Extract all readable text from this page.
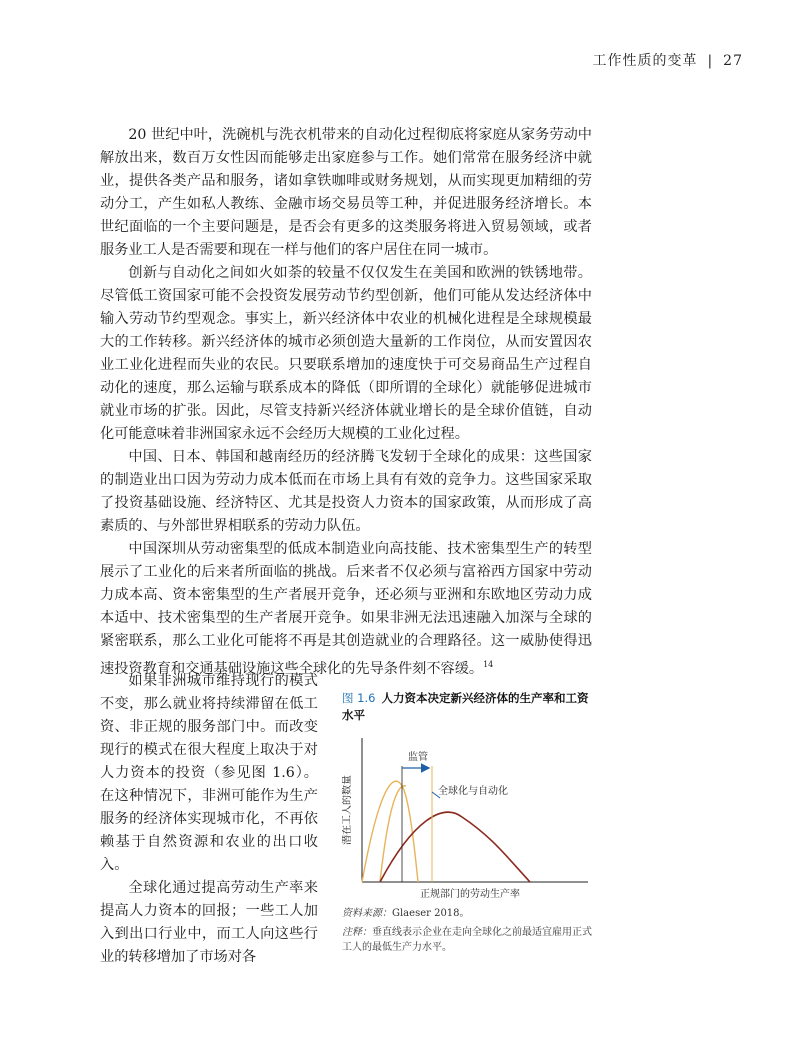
工作性质的变革 | 27

20 世纪中叶，洗碗机与洗衣机带来的自动化过程彻底将家庭从家务劳动中解放出来，数百万女性因而能够走出家庭参与工作。她们常常在服务经济中就业，提供各类产品和服务，诸如拿铁咖啡或财务规划，从而实现更加精细的劳动分工，产生如私人教练、金融市场交易员等工种，并促进服务经济增长。本世纪面临的一个主要问题是，是否会有更多的这类服务将进入贸易领域，或者服务业工人是否需要和现在一样与他们的客户居住在同一城市。

创新与自动化之间如火如荼的较量不仅仅发生在美国和欧洲的铁锈地带。尽管低工资国家可能不会投资发展劳动节约型创新，他们可能从发达经济体中输入劳动节约型观念。事实上，新兴经济体中农业的机械化进程是全球规模最大的工作转移。新兴经济体的城市必须创造大量新的工作岗位，从而安置因农业工业化进程而失业的农民。只要联系增加的速度快于可交易商品生产过程自动化的速度，那么运输与联系成本的降低（即所谓的全球化）就能够促进城市就业市场的扩张。因此，尽管支持新兴经济体就业增长的是全球价值链，自动化可能意味着非洲国家永远不会经历大规模的工业化过程。

中国、日本、韩国和越南经历的经济腾飞发轫于全球化的成果：这些国家的制造业出口因为劳动力成本低而在市场上具有有效的竞争力。这些国家采取了投资基础设施、经济特区、尤其是投资人力资本的国家政策，从而形成了高素质的、与外部世界相联系的劳动力队伍。

中国深圳从劳动密集型的低成本制造业向高技能、技术密集型生产的转型展示了工业化的后来者所面临的挑战。后来者不仅必须与富裕西方国家中劳动力成本高、资本密集型的生产者展开竞争，还必须与亚洲和东欧地区劳动力成本适中、技术密集型的生产者展开竞争。如果非洲无法迅速融入加深与全球的紧密联系，那么工业化可能将不再是其创造就业的合理路径。这一威胁使得迅速投资教育和交通基础设施这些全球化的先导条件刻不容缓。$^{14}$

如果非洲城市维持现行的模式不变，那么就业将持续滞留在低工资、非正规的服务部门中。而改变现行的模式在很大程度上取决于对人力资本的投资（参见图 1.6）。在这种情况下，非洲可能作为生产服务的经济体实现城市化，不再依赖基于自然资源和农业的出口收入。

全球化通过提高劳动生产率来提高人力资本的回报；一些工人加入到出口行业中，而工人向这些行业的转移增加了市场对各

图 1.6 人力资本决定新兴经济体的生产率和工资水平
潜在工人的数量
监管
全球化与自动化
正规部门的劳动生产率
资料来源：Glaeser 2018。
注释：垂直线表示企业在走向全球化之前最适宜雇用正式工人的最低生产力水平。
